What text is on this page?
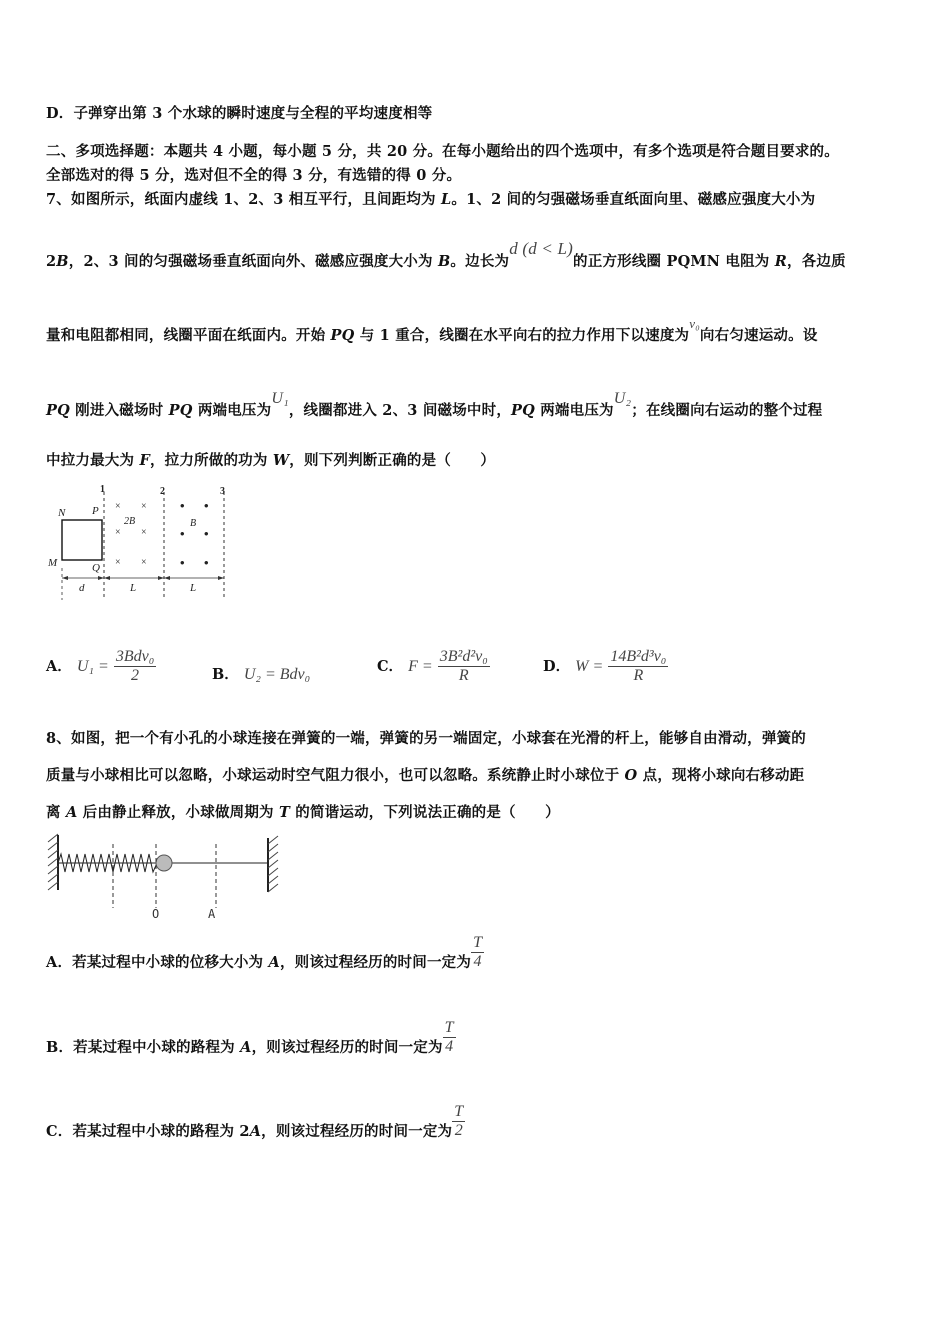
D．子弹穿出第 3 个水球的瞬时速度与全程的平均速度相等
二、多项选择题：本题共 4 小题，每小题 5 分，共 20 分。在每小题给出的四个选项中，有多个选项是符合题目要求的。
全部选对的得 5 分，选对但不全的得 3 分，有选错的得 0 分。
7、如图所示，纸面内虚线 1、2、3 相互平行，且间距均为 L。1、2 间的匀强磁场垂直纸面向里、磁感应强度大小为
2B，2、3 间的匀强磁场垂直纸面向外、磁感应强度大小为 B。边长为d (d < L)的正方形线圈 PQMN 电阻为 R，各边质
量和电阻都相同，线圈平面在纸面内。开始 PQ 与 1 重合，线圈在水平向右的拉力作用下以速度为v₀向右匀速运动。设
PQ 刚进入磁场时 PQ 两端电压为U₁，线圈都进入 2、3 间磁场中时，PQ 两端电压为U₂；在线圈向右运动的整个过程
中拉力最大为 F，拉力所做的功为 W，则下列判断正确的是（　　）
1	2	3
N P
M	Q
× ×
× ×
× ×
2B
• •
• •
• •
B
d	L	L
A． $U_1 = \frac{\text{3Bdv₀}}{2}$	B． U₂ = Bdv₀	C． $F = \frac{\text{3B²d²v₀}}{R}$	D． $W = \frac{\text{14B²d³v₀}}{R}$
8、如图，把一个有小孔的小球连接在弹簧的一端，弹簧的另一端固定，小球套在光滑的杆上，能够自由滑动，弹簧的
质量与小球相比可以忽略，小球运动时空气阻力很小，也可以忽略。系统静止时小球位于 O 点，现将小球向右移动距
离 A 后由静止释放，小球做周期为 T 的简谐运动，下列说法正确的是（　　）
O	A
A．若某过程中小球的位移大小为 A，则该过程经历的时间一定为 $\frac{T}{4}$
B．若某过程中小球的路程为 A，则该过程经历的时间一定为 $\frac{T}{4}$
C．若某过程中小球的路程为 2A，则该过程经历的时间一定为 $\frac{T}{2}$
